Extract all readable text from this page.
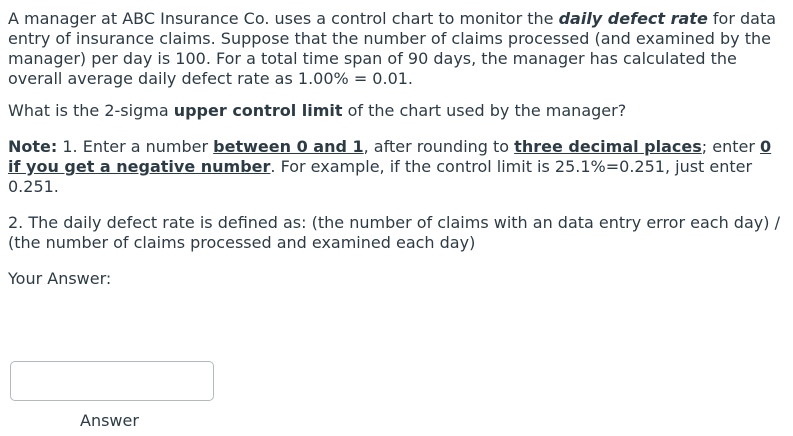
A manager at ABC Insurance Co. uses a control chart to monitor the daily defect rate for data entry of insurance claims. Suppose that the number of claims processed (and examined by the manager) per day is 100. For a total time span of 90 days, the manager has calculated the overall average daily defect rate as 1.00% = 0.01.

What is the 2-sigma upper control limit of the chart used by the manager?

Note: 1. Enter a number between 0 and 1, after rounding to three decimal places; enter 0 if you get a negative number. For example, if the control limit is 25.1%=0.251, just enter 0.251.

2. The daily defect rate is defined as: (the number of claims with an data entry error each day) / (the number of claims processed and examined each day)

Your Answer:

Answer
